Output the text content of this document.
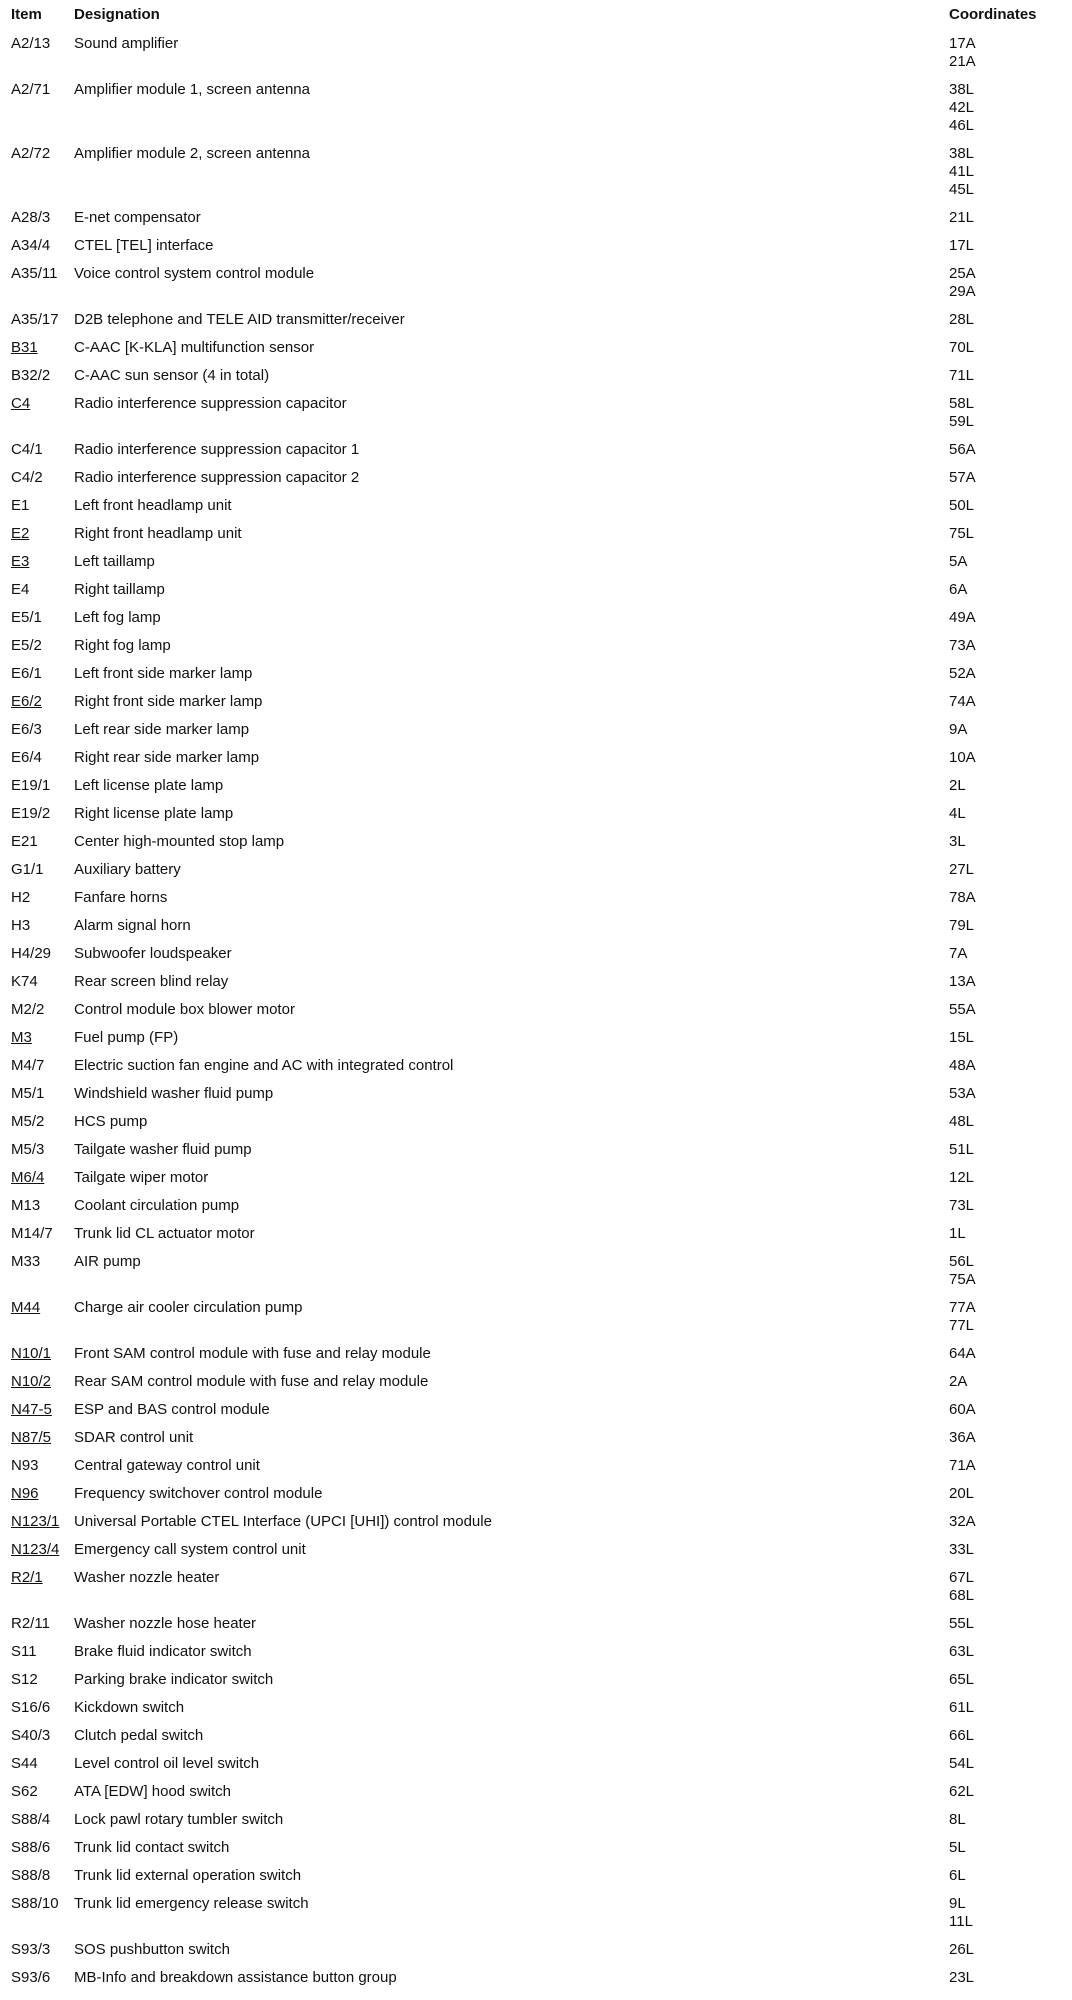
Item	Designation	Coordinates
A2/13	Sound amplifier	17A
21A
A2/71	Amplifier module 1, screen antenna	38L
42L
46L
A2/72	Amplifier module 2, screen antenna	38L
41L
45L
A28/3	E-net compensator	21L
A34/4	CTEL [TEL] interface	17L
A35/11	Voice control system control module	25A
29A
A35/17	D2B telephone and TELE AID transmitter/receiver	28L
B31	C-AAC [K-KLA] multifunction sensor	70L
B32/2	C-AAC sun sensor (4 in total)	71L
C4	Radio interference suppression capacitor	58L
59L
C4/1	Radio interference suppression capacitor 1	56A
C4/2	Radio interference suppression capacitor 2	57A
E1	Left front headlamp unit	50L
E2	Right front headlamp unit	75L
E3	Left taillamp	5A
E4	Right taillamp	6A
E5/1	Left fog lamp	49A
E5/2	Right fog lamp	73A
E6/1	Left front side marker lamp	52A
E6/2	Right front side marker lamp	74A
E6/3	Left rear side marker lamp	9A
E6/4	Right rear side marker lamp	10A
E19/1	Left license plate lamp	2L
E19/2	Right license plate lamp	4L
E21	Center high-mounted stop lamp	3L
G1/1	Auxiliary battery	27L
H2	Fanfare horns	78A
H3	Alarm signal horn	79L
H4/29	Subwoofer loudspeaker	7A
K74	Rear screen blind relay	13A
M2/2	Control module box blower motor	55A
M3	Fuel pump (FP)	15L
M4/7	Electric suction fan engine and AC with integrated control	48A
M5/1	Windshield washer fluid pump	53A
M5/2	HCS pump	48L
M5/3	Tailgate washer fluid pump	51L
M6/4	Tailgate wiper motor	12L
M13	Coolant circulation pump	73L
M14/7	Trunk lid CL actuator motor	1L
M33	AIR pump	56L
75A
M44	Charge air cooler circulation pump	77A
77L
N10/1	Front SAM control module with fuse and relay module	64A
N10/2	Rear SAM control module with fuse and relay module	2A
N47-5	ESP and BAS control module	60A
N87/5	SDAR control unit	36A
N93	Central gateway control unit	71A
N96	Frequency switchover control module	20L
N123/1 Universal Portable CTEL Interface (UPCI [UHI]) control module	32A
N123/4 Emergency call system control unit	33L
R2/1	Washer nozzle heater	67L
68L
R2/11	Washer nozzle hose heater	55L
S11	Brake fluid indicator switch	63L
S12	Parking brake indicator switch	65L
S16/6	Kickdown switch	61L
S40/3	Clutch pedal switch	66L
S44	Level control oil level switch	54L
S62	ATA [EDW] hood switch	62L
S88/4	Lock pawl rotary tumbler switch	8L
S88/6	Trunk lid contact switch	5L
S88/8	Trunk lid external operation switch	6L
S88/10	Trunk lid emergency release switch	9L
11L
S93/3	SOS pushbutton switch	26L
S93/6	MB-Info and breakdown assistance button group	23L
